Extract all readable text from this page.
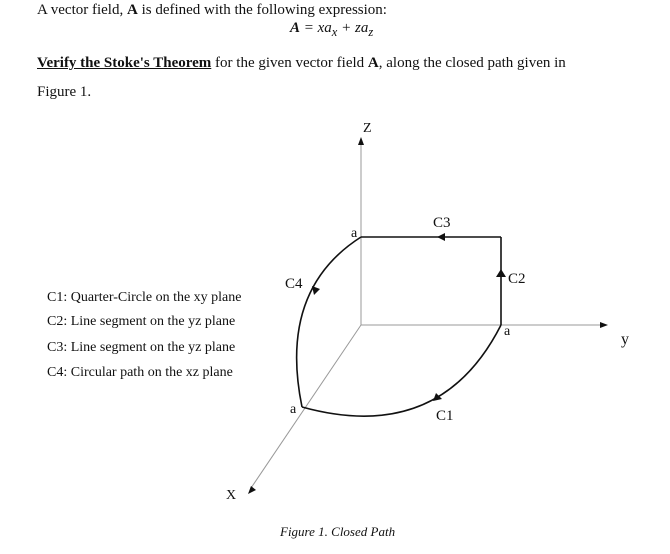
A vector field, A is defined with the following expression:
$A = xa_x + za_z$
Verify the Stoke's Theorem for the given vector field A, along the closed path given in
Figure 1.
C1: Quarter-Circle on the xy plane
C2: Line segment on the yz plane
C3: Line segment on the yz plane
C4: Circular path on the xz plane
Z
y
X
a
a
a
C3
C2
C4
C1
Figure 1. Closed Path
